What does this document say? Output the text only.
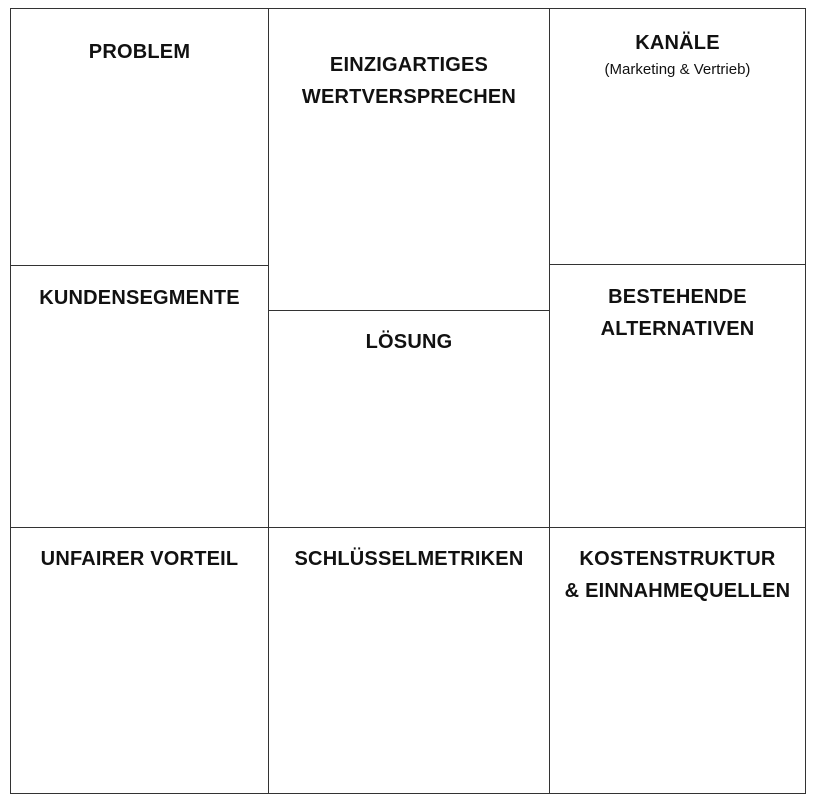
PROBLEM
KUNDENSEGMENTE
UNFAIRER VORTEIL
EINZIGARTIGES
WERTVERSPRECHEN
LÖSUNG
SCHLÜSSELMETRIKEN
KANÄLE
(Marketing & Vertrieb)
BESTEHENDE
ALTERNATIVEN
KOSTENSTRUKTUR
& EINNAHMEQUELLEN
